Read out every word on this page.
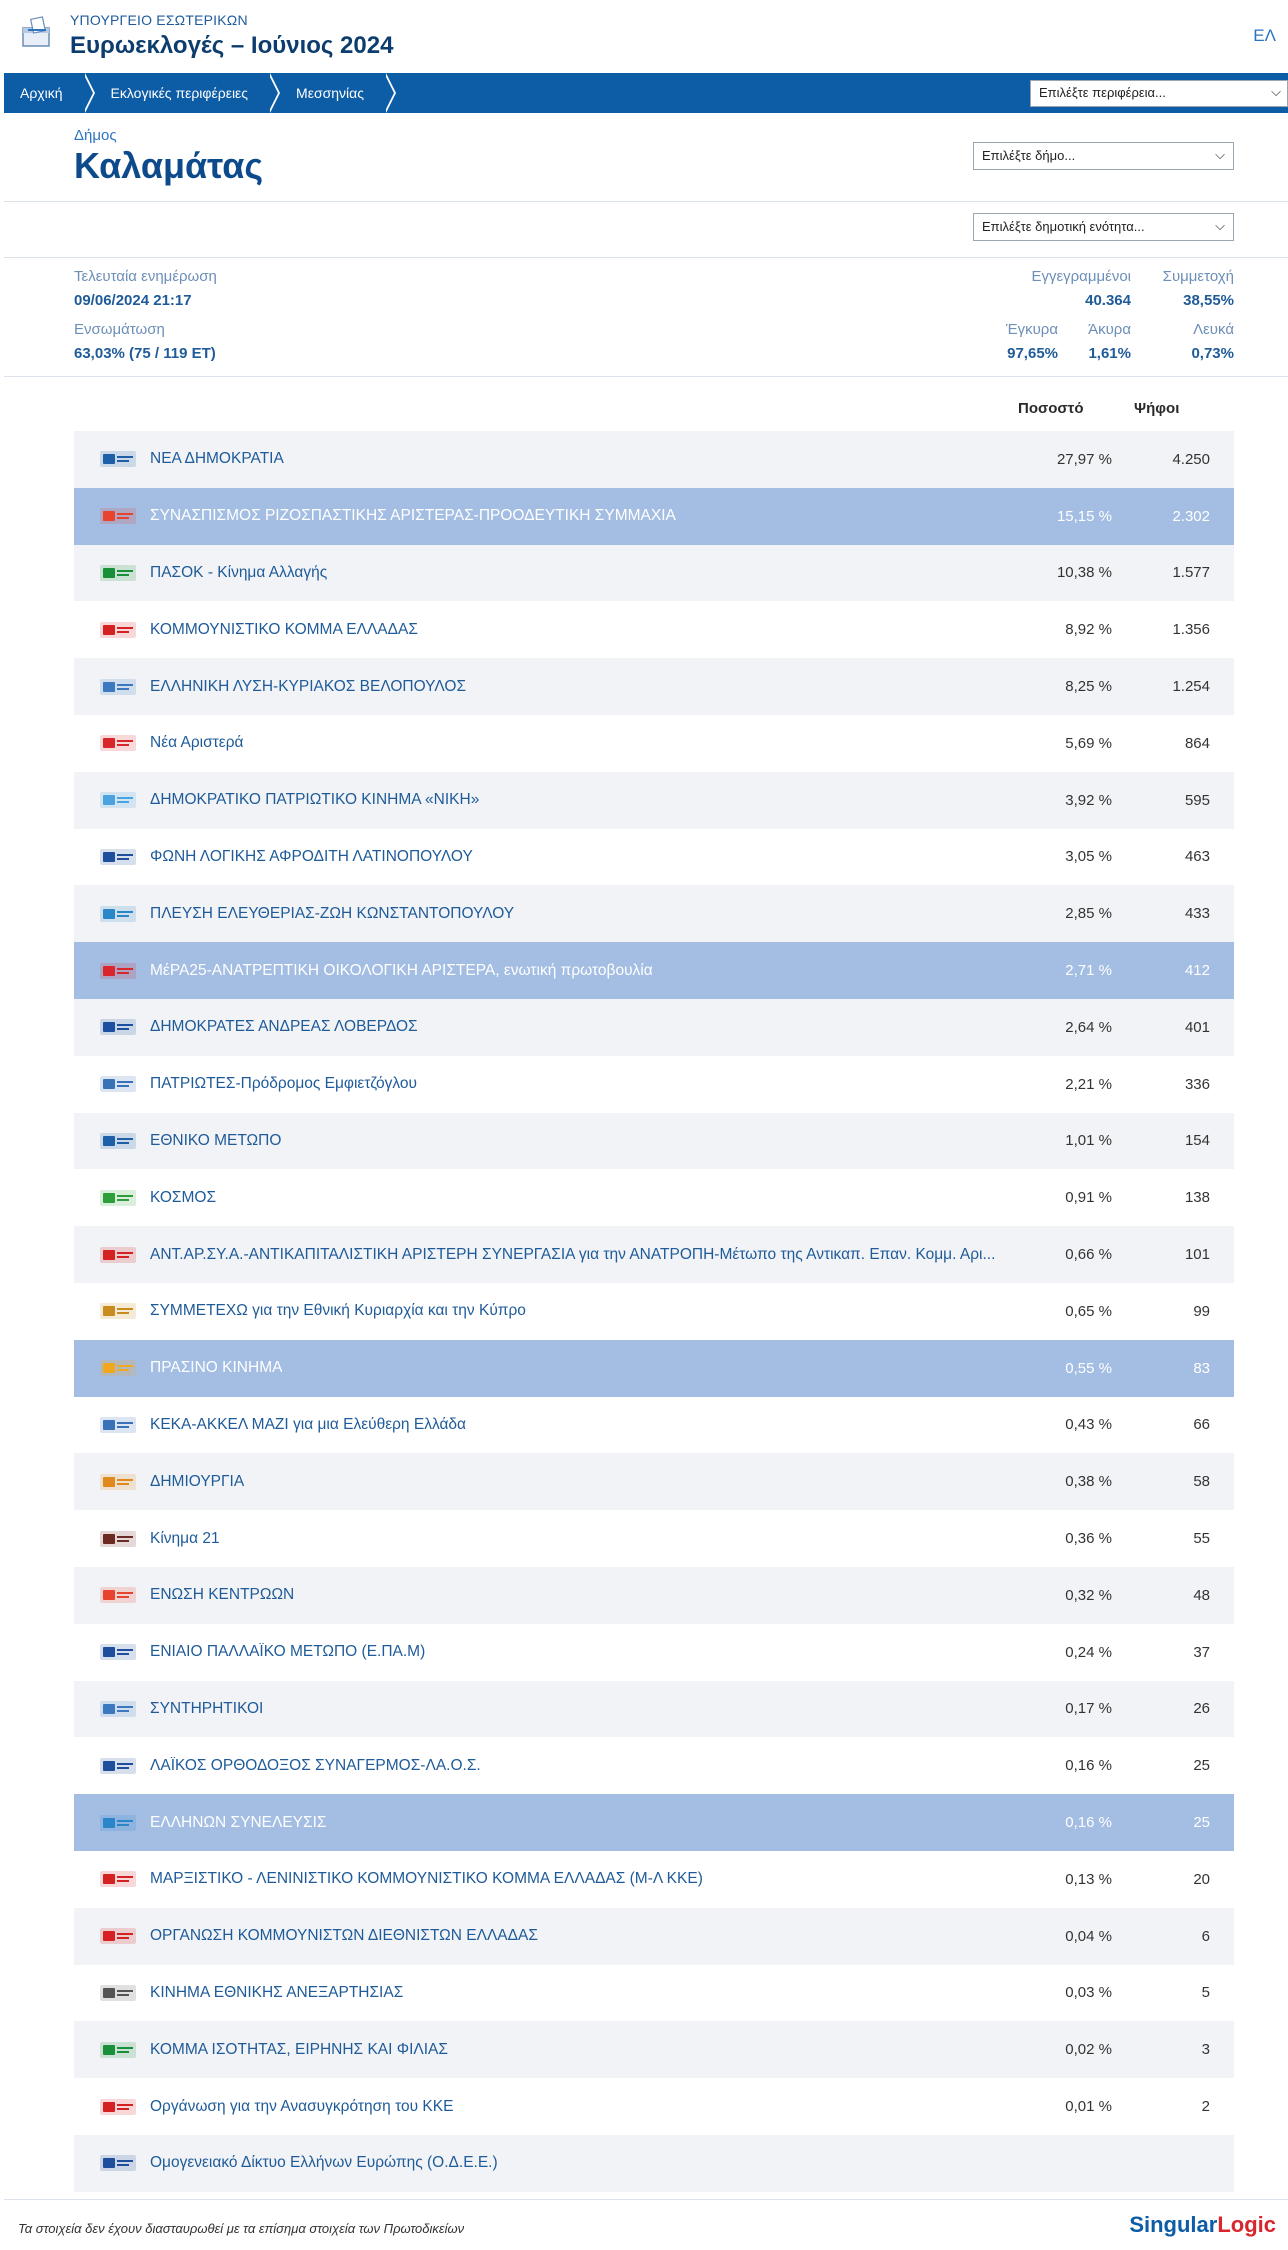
ΥΠΟΥΡΓΕΙΟ ΕΣΩΤΕΡΙΚΩΝ
Ευρωεκλογές – Ιούνιος 2024	ΕΛ
Αρχική	Εκλογικές περιφέρειες	Μεσσηνίας	Επιλέξτε περιφέρεια...	⌵
Δήμος
Καλαμάτας	Επιλέξτε δήμο...	⌵
Επιλέξτε δημοτική ενότητα...	⌵
Τελευταία ενημέρωση
09/06/2024 21:17
Ενσωμάτωση
63,03% (75 / 119 ΕΤ)
Εγγεγραμμένοι
40.364
Συμμετοχή
38,55%
Έγκυρα
97,65%
Άκυρα
1,61%
Λευκά
0,73%
Ποσοστό	Ψήφοι
ΝΕΑ ΔΗΜΟΚΡΑΤΙΑ	27,97 %	4.250
ΣΥΝΑΣΠΙΣΜΟΣ ΡΙΖΟΣΠΑΣΤΙΚΗΣ ΑΡΙΣΤΕΡΑΣ-ΠΡΟΟΔΕΥΤΙΚΗ ΣΥΜΜΑΧΙΑ	15,15 %	2.302
ΠΑΣΟΚ - Κίνημα Αλλαγής	10,38 %	1.577
ΚΟΜΜΟΥΝΙΣΤΙΚΟ ΚΟΜΜΑ ΕΛΛΑΔΑΣ	8,92 %	1.356
ΕΛΛΗΝΙΚΗ ΛΥΣΗ-ΚΥΡΙΑΚΟΣ ΒΕΛΟΠΟΥΛΟΣ	8,25 %	1.254
Νέα Αριστερά	5,69 %	864
ΔΗΜΟΚΡΑΤΙΚΟ ΠΑΤΡΙΩΤΙΚΟ ΚΙΝΗΜΑ «ΝΙΚΗ»	3,92 %	595
ΦΩΝΗ ΛΟΓΙΚΗΣ ΑΦΡΟΔΙΤΗ ΛΑΤΙΝΟΠΟΥΛΟΥ	3,05 %	463
ΠΛΕΥΣΗ ΕΛΕΥΘΕΡΙΑΣ-ΖΩΗ ΚΩΝΣΤΑΝΤΟΠΟΥΛΟΥ	2,85 %	433
ΜέΡΑ25-ΑΝΑΤΡΕΠΤΙΚΗ ΟΙΚΟΛΟΓΙΚΗ ΑΡΙΣΤΕΡΑ, ενωτική πρωτοβουλία	2,71 %	412
ΔΗΜΟΚΡΑΤΕΣ ΑΝΔΡΕΑΣ ΛΟΒΕΡΔΟΣ	2,64 %	401
ΠΑΤΡΙΩΤΕΣ-Πρόδρομος Εμφιετζόγλου	2,21 %	336
ΕΘΝΙΚΟ ΜΕΤΩΠΟ	1,01 %	154
ΚΟΣΜΟΣ	0,91 %	138
ΑΝΤ.ΑΡ.ΣΥ.Α.-ΑΝΤΙΚΑΠΙΤΑΛΙΣΤΙΚΗ ΑΡΙΣΤΕΡΗ ΣΥΝΕΡΓΑΣΙΑ για την ΑΝΑΤΡΟΠΗ-Μέτωπο της Αντικαπ. Επαν. Κομμ. Αρι...	0,66 %	101
ΣΥΜΜΕΤΕΧΩ για την Εθνική Κυριαρχία και την Κύπρο	0,65 %	99
ΠΡΑΣΙΝΟ ΚΙΝΗΜΑ	0,55 %	83
ΚΕΚΑ-ΑΚΚΕΛ ΜΑΖΙ για μια Ελεύθερη Ελλάδα	0,43 %	66
ΔΗΜΙΟΥΡΓΙΑ	0,38 %	58
Κίνημα 21	0,36 %	55
ΕΝΩΣΗ ΚΕΝΤΡΩΩΝ	0,32 %	48
ΕΝΙΑΙΟ ΠΑΛΛΑΪΚΟ ΜΕΤΩΠΟ (Ε.ΠΑ.Μ)	0,24 %	37
ΣΥΝΤΗΡΗΤΙΚΟΙ	0,17 %	26
ΛΑΪΚΟΣ ΟΡΘΟΔΟΞΟΣ ΣΥΝΑΓΕΡΜΟΣ-ΛΑ.Ο.Σ.	0,16 %	25
ΕΛΛΗΝΩΝ ΣΥΝΕΛΕΥΣΙΣ	0,16 %	25
ΜΑΡΞΙΣΤΙΚΟ - ΛΕΝΙΝΙΣΤΙΚΟ ΚΟΜΜΟΥΝΙΣΤΙΚΟ ΚΟΜΜΑ ΕΛΛΑΔΑΣ (Μ-Λ ΚΚΕ)	0,13 %	20
ΟΡΓΑΝΩΣΗ ΚΟΜΜΟΥΝΙΣΤΩΝ ΔΙΕΘΝΙΣΤΩΝ ΕΛΛΑΔΑΣ	0,04 %	6
ΚΙΝΗΜΑ ΕΘΝΙΚΗΣ ΑΝΕΞΑΡΤΗΣΙΑΣ	0,03 %	5
ΚΟΜΜΑ ΙΣΟΤΗΤΑΣ, ΕΙΡΗΝΗΣ ΚΑΙ ΦΙΛΙΑΣ	0,02 %	3
Οργάνωση για την Ανασυγκρότηση του ΚΚΕ	0,01 %	2
Ομογενειακό Δίκτυο Ελλήνων Ευρώπης (Ο.Δ.Ε.Ε.)
Τα στοιχεία δεν έχουν διασταυρωθεί με τα επίσημα στοιχεία των Πρωτοδικείων	SingularLogic
